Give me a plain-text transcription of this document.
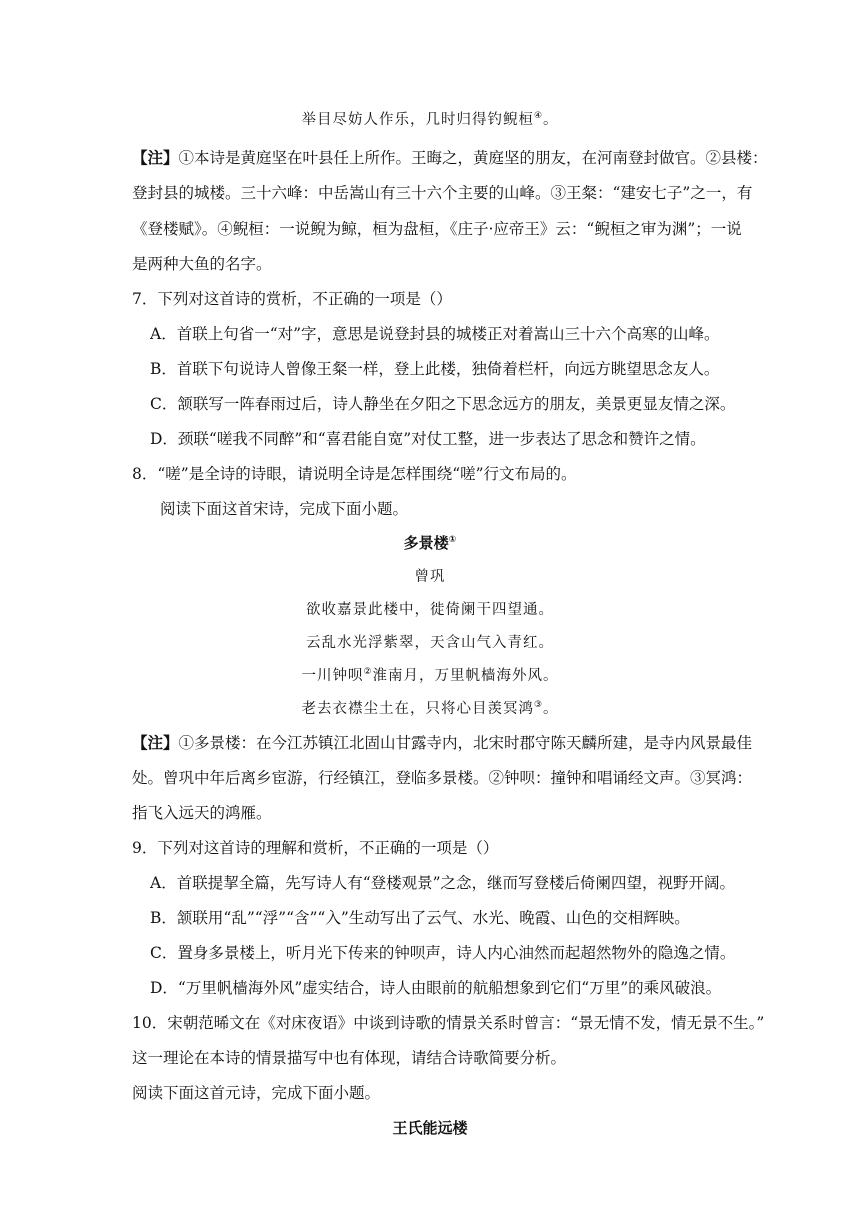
举目尽妨人作乐，几时归得钓鲵桓④。
【注】①本诗是黄庭坚在叶县任上所作。王晦之，黄庭坚的朋友，在河南登封做官。②县楼：
登封县的城楼。三十六峰：中岳嵩山有三十六个主要的山峰。③王粲：“建安七子”之一，有
《登楼赋》。④鲵桓：一说鲵为鲸，桓为盘桓，《庄子·应帝王》云：“鲵桓之审为渊”；一说
是两种大鱼的名字。
7．下列对这首诗的赏析，不正确的一项是（）
A．首联上句省一“对”字，意思是说登封县的城楼正对着嵩山三十六个高寒的山峰。
B．首联下句说诗人曾像王粲一样，登上此楼，独倚着栏杆，向远方眺望思念友人。
C．颔联写一阵春雨过后，诗人静坐在夕阳之下思念远方的朋友，美景更显友情之深。
D．颈联“嗟我不同醉”和“喜君能自宽”对仗工整，进一步表达了思念和赞许之情。
8．“嗟”是全诗的诗眼，请说明全诗是怎样围绕“嗟”行文布局的。
阅读下面这首宋诗，完成下面小题。
多景楼①
曾巩
欲收嘉景此楼中，徙倚阑干四望通。
云乱水光浮紫翠，天含山气入青红。
一川钟呗②淮南月，万里帆樯海外风。
老去衣襟尘土在，只将心目羡冥鸿③。
【注】①多景楼：在今江苏镇江北固山甘露寺内，北宋时郡守陈天麟所建，是寺内风景最佳
处。曾巩中年后离乡宦游，行经镇江，登临多景楼。②钟呗：撞钟和唱诵经文声。③冥鸿：
指飞入远天的鸿雁。
9．下列对这首诗的理解和赏析，不正确的一项是（）
A．首联提挈全篇，先写诗人有“登楼观景”之念，继而写登楼后倚阑四望，视野开阔。
B．颔联用“乱”“浮”“含”“入”生动写出了云气、水光、晚霞、山色的交相辉映。
C．置身多景楼上，听月光下传来的钟呗声，诗人内心油然而起超然物外的隐逸之情。
D．“万里帆樯海外风”虚实结合，诗人由眼前的航船想象到它们“万里”的乘风破浪。
10．宋朝范晞文在《对床夜语》中谈到诗歌的情景关系时曾言：“景无情不发，情无景不生。”
这一理论在本诗的情景描写中也有体现，请结合诗歌简要分析。
阅读下面这首元诗，完成下面小题。
王氏能远楼
